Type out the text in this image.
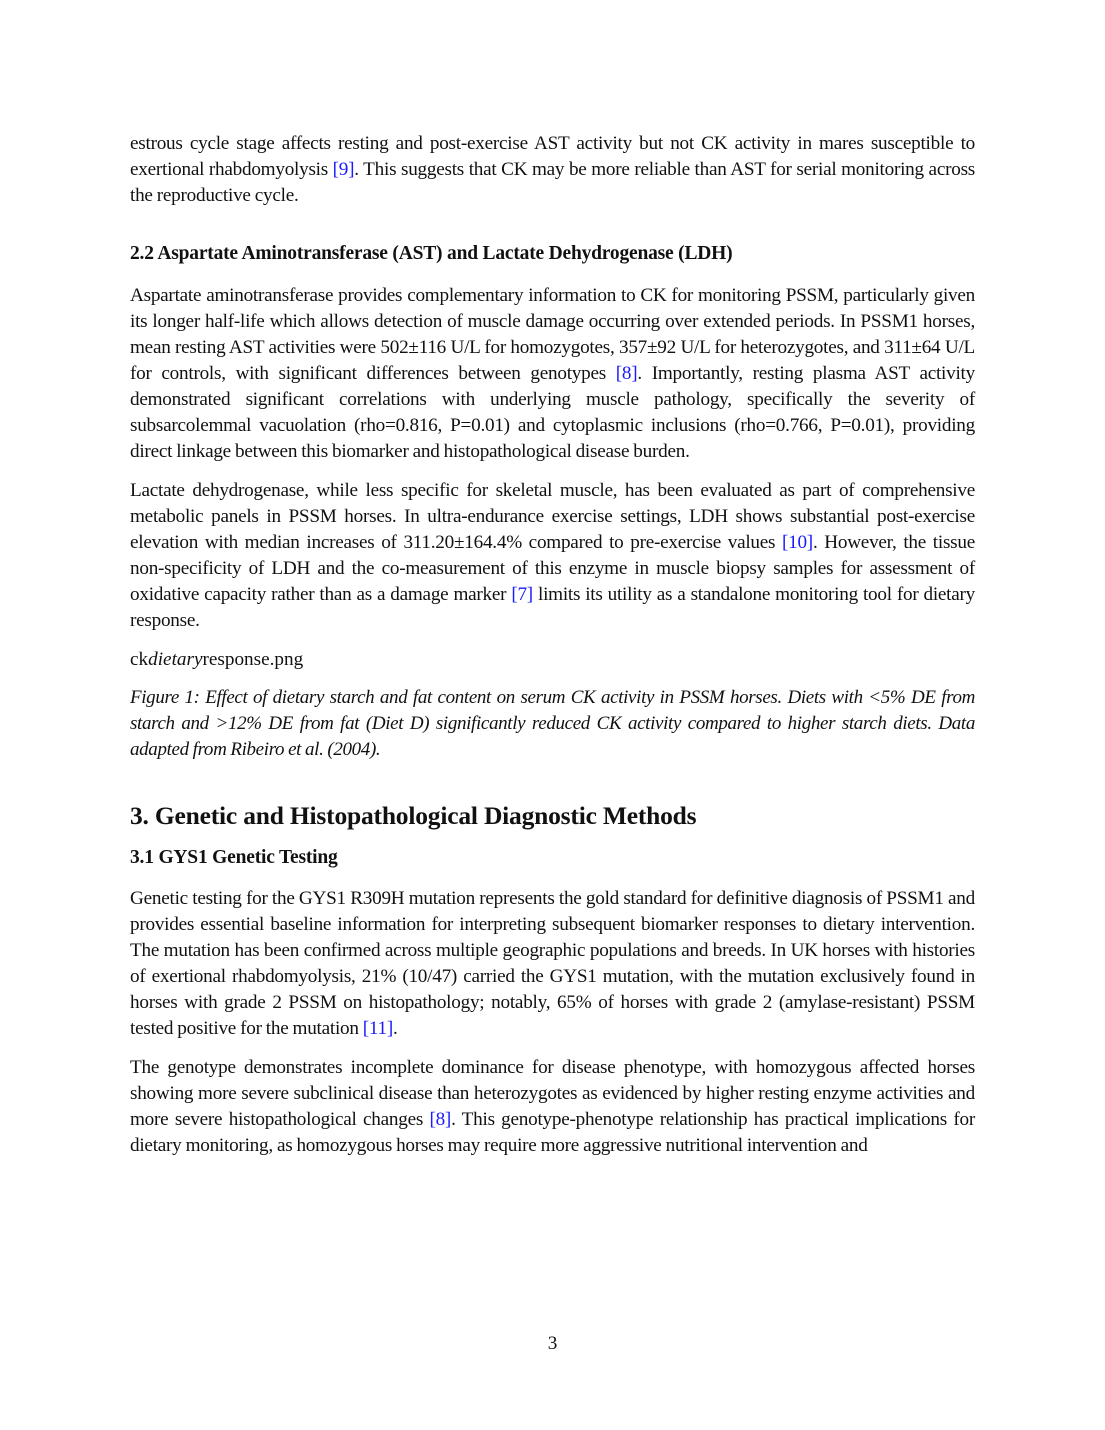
estrous cycle stage affects resting and post-exercise AST activity but not CK activity in mares susceptible to exertional rhabdomyolysis [9]. This suggests that CK may be more reliable than AST for serial monitoring across the reproductive cycle.

2.2 Aspartate Aminotransferase (AST) and Lactate Dehydrogenase (LDH)

Aspartate aminotransferase provides complementary information to CK for monitoring PSSM, particularly given its longer half-life which allows detection of muscle damage occurring over extended periods. In PSSM1 horses, mean resting AST activities were 502±116 U/L for homozygotes, 357±92 U/L for heterozygotes, and 311±64 U/L for controls, with significant differences between genotypes [8]. Importantly, resting plasma AST activity demonstrated significant correlations with underlying muscle pathology, specifically the severity of subsarcolemmal vacuolation (rho=0.816, P=0.01) and cytoplasmic inclusions (rho=0.766, P=0.01), providing direct linkage between this biomarker and histopathological disease burden.

Lactate dehydrogenase, while less specific for skeletal muscle, has been evaluated as part of comprehensive metabolic panels in PSSM horses. In ultra-endurance exercise settings, LDH shows substantial post-exercise elevation with median increases of 311.20±164.4% compared to pre-exercise values [10]. However, the tissue non-specificity of LDH and the co-measurement of this enzyme in muscle biopsy samples for assessment of oxidative capacity rather than as a damage marker [7] limits its utility as a standalone monitoring tool for dietary response.

ckdietaryresponse.png

Figure 1: Effect of dietary starch and fat content on serum CK activity in PSSM horses. Diets with <5% DE from starch and >12% DE from fat (Diet D) significantly reduced CK activity compared to higher starch diets. Data adapted from Ribeiro et al. (2004).

3. Genetic and Histopathological Diagnostic Methods
3.1 GYS1 Genetic Testing

Genetic testing for the GYS1 R309H mutation represents the gold standard for definitive diagnosis of PSSM1 and provides essential baseline information for interpreting subsequent biomarker responses to dietary intervention. The mutation has been confirmed across multiple geographic populations and breeds. In UK horses with histories of exertional rhabdomyolysis, 21% (10/47) carried the GYS1 mutation, with the mutation exclusively found in horses with grade 2 PSSM on histopathology; notably, 65% of horses with grade 2 (amylase-resistant) PSSM tested positive for the mutation [11].

The genotype demonstrates incomplete dominance for disease phenotype, with homozygous affected horses showing more severe subclinical disease than heterozygotes as evidenced by higher resting enzyme activities and more severe histopathological changes [8]. This genotype-phenotype relationship has practical implications for dietary monitoring, as homozygous horses may require more aggressive nutritional intervention and

3
